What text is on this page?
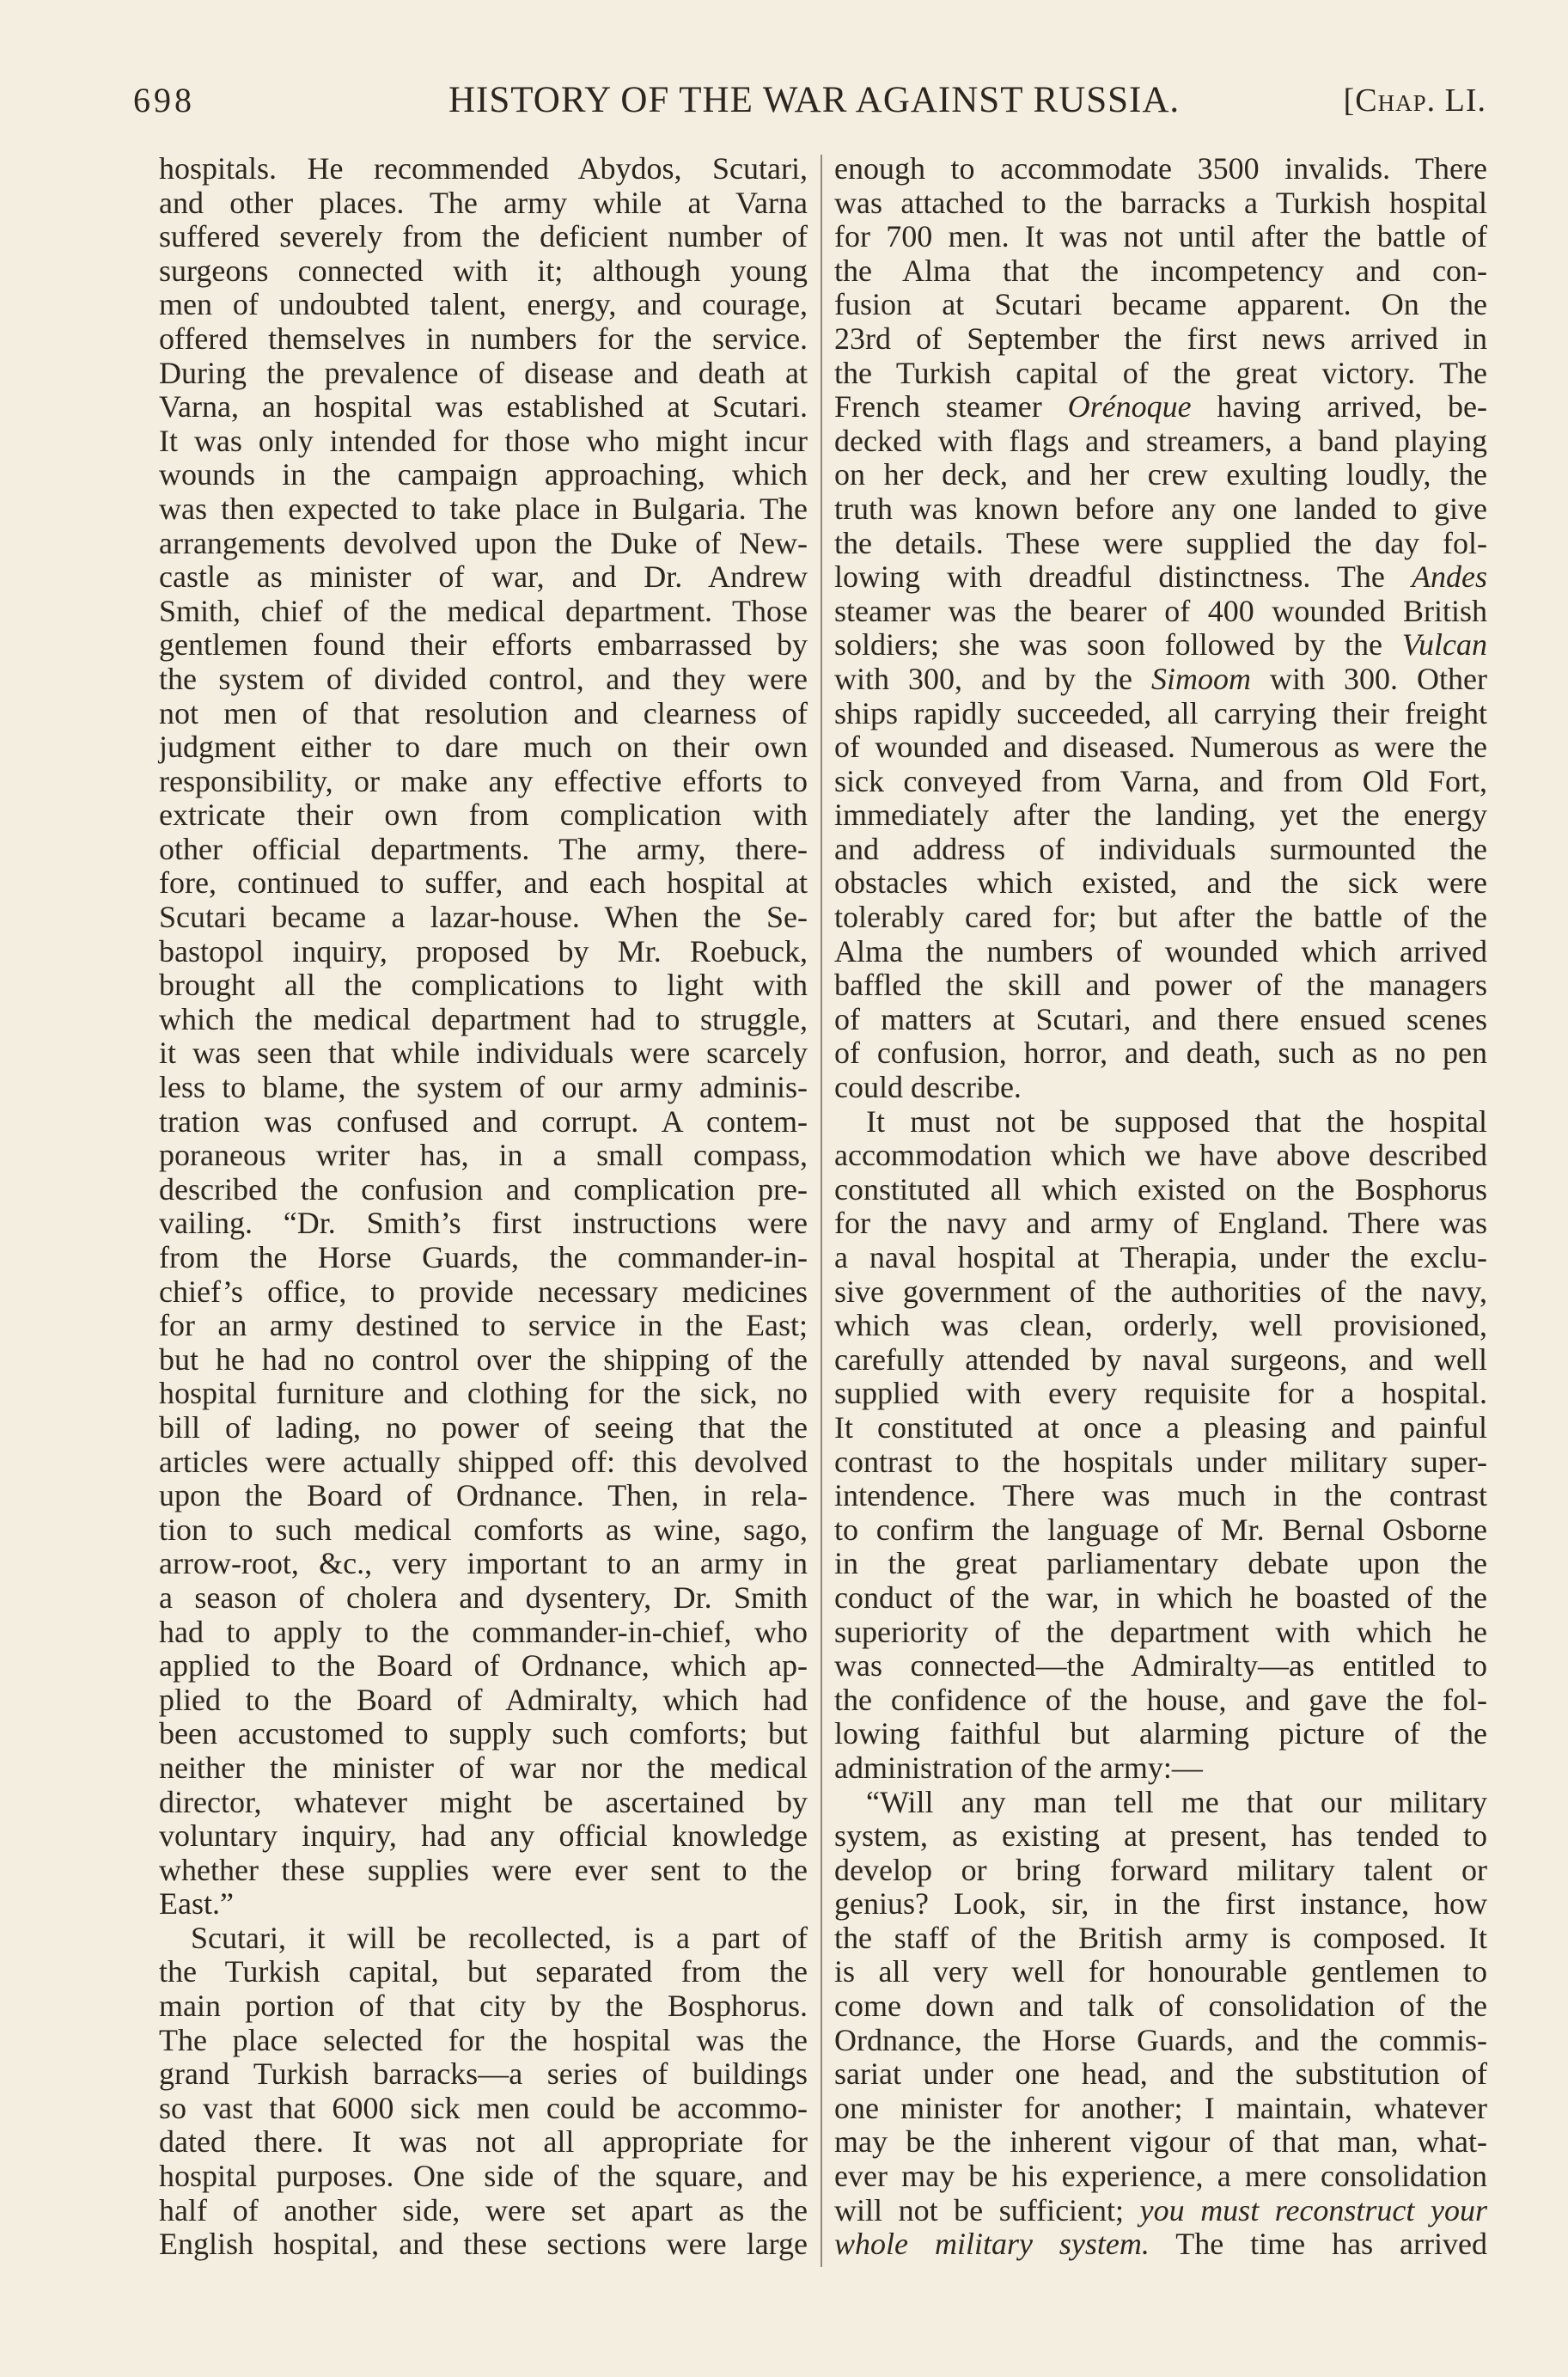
698	HISTORY OF THE WAR AGAINST RUSSIA.	[Chap. LI.
hospitals. He recommended Abydos, Scutari,
and other places. The army while at Varna
suffered severely from the deficient number of
surgeons connected with it; although young
men of undoubted talent, energy, and courage,
offered themselves in numbers for the service.
During the prevalence of disease and death at
Varna, an hospital was established at Scutari.
It was only intended for those who might incur
wounds in the campaign approaching, which
was then expected to take place in Bulgaria. The
arrangements devolved upon the Duke of New-
castle as minister of war, and Dr. Andrew
Smith, chief of the medical department. Those
gentlemen found their efforts embarrassed by
the system of divided control, and they were
not men of that resolution and clearness of
judgment either to dare much on their own
responsibility, or make any effective efforts to
extricate their own from complication with
other official departments. The army, there-
fore, continued to suffer, and each hospital at
Scutari became a lazar-house. When the Se-
bastopol inquiry, proposed by Mr. Roebuck,
brought all the complications to light with
which the medical department had to struggle,
it was seen that while individuals were scarcely
less to blame, the system of our army adminis-
tration was confused and corrupt. A contem-
poraneous writer has, in a small compass,
described the confusion and complication pre-
vailing. “Dr. Smith’s first instructions were
from the Horse Guards, the commander-in-
chief’s office, to provide necessary medicines
for an army destined to service in the East;
but he had no control over the shipping of the
hospital furniture and clothing for the sick, no
bill of lading, no power of seeing that the
articles were actually shipped off: this devolved
upon the Board of Ordnance. Then, in rela-
tion to such medical comforts as wine, sago,
arrow-root, &c., very important to an army in
a season of cholera and dysentery, Dr. Smith
had to apply to the commander-in-chief, who
applied to the Board of Ordnance, which ap-
plied to the Board of Admiralty, which had
been accustomed to supply such comforts; but
neither the minister of war nor the medical
director, whatever might be ascertained by
voluntary inquiry, had any official knowledge
whether these supplies were ever sent to the
East.”
Scutari, it will be recollected, is a part of
the Turkish capital, but separated from the
main portion of that city by the Bosphorus.
The place selected for the hospital was the
grand Turkish barracks—a series of buildings
so vast that 6000 sick men could be accommo-
dated there. It was not all appropriate for
hospital purposes. One side of the square, and
half of another side, were set apart as the
English hospital, and these sections were large
enough to accommodate 3500 invalids. There
was attached to the barracks a Turkish hospital
for 700 men. It was not until after the battle of
the Alma that the incompetency and con-
fusion at Scutari became apparent. On the
23rd of September the first news arrived in
the Turkish capital of the great victory. The
French steamer Orénoque having arrived, be-
decked with flags and streamers, a band playing
on her deck, and her crew exulting loudly, the
truth was known before any one landed to give
the details. These were supplied the day fol-
lowing with dreadful distinctness. The Andes
steamer was the bearer of 400 wounded British
soldiers; she was soon followed by the Vulcan
with 300, and by the Simoom with 300. Other
ships rapidly succeeded, all carrying their freight
of wounded and diseased. Numerous as were the
sick conveyed from Varna, and from Old Fort,
immediately after the landing, yet the energy
and address of individuals surmounted the
obstacles which existed, and the sick were
tolerably cared for; but after the battle of the
Alma the numbers of wounded which arrived
baffled the skill and power of the managers
of matters at Scutari, and there ensued scenes
of confusion, horror, and death, such as no pen
could describe.
It must not be supposed that the hospital
accommodation which we have above described
constituted all which existed on the Bosphorus
for the navy and army of England. There was
a naval hospital at Therapia, under the exclu-
sive government of the authorities of the navy,
which was clean, orderly, well provisioned,
carefully attended by naval surgeons, and well
supplied with every requisite for a hospital.
It constituted at once a pleasing and painful
contrast to the hospitals under military super-
intendence. There was much in the contrast
to confirm the language of Mr. Bernal Osborne
in the great parliamentary debate upon the
conduct of the war, in which he boasted of the
superiority of the department with which he
was connected—the Admiralty—as entitled to
the confidence of the house, and gave the fol-
lowing faithful but alarming picture of the
administration of the army:—
“Will any man tell me that our military
system, as existing at present, has tended to
develop or bring forward military talent or
genius? Look, sir, in the first instance, how
the staff of the British army is composed. It
is all very well for honourable gentlemen to
come down and talk of consolidation of the
Ordnance, the Horse Guards, and the commis-
sariat under one head, and the substitution of
one minister for another; I maintain, whatever
may be the inherent vigour of that man, what-
ever may be his experience, a mere consolidation
will not be sufficient; you must reconstruct your
whole military system. The time has arrived
